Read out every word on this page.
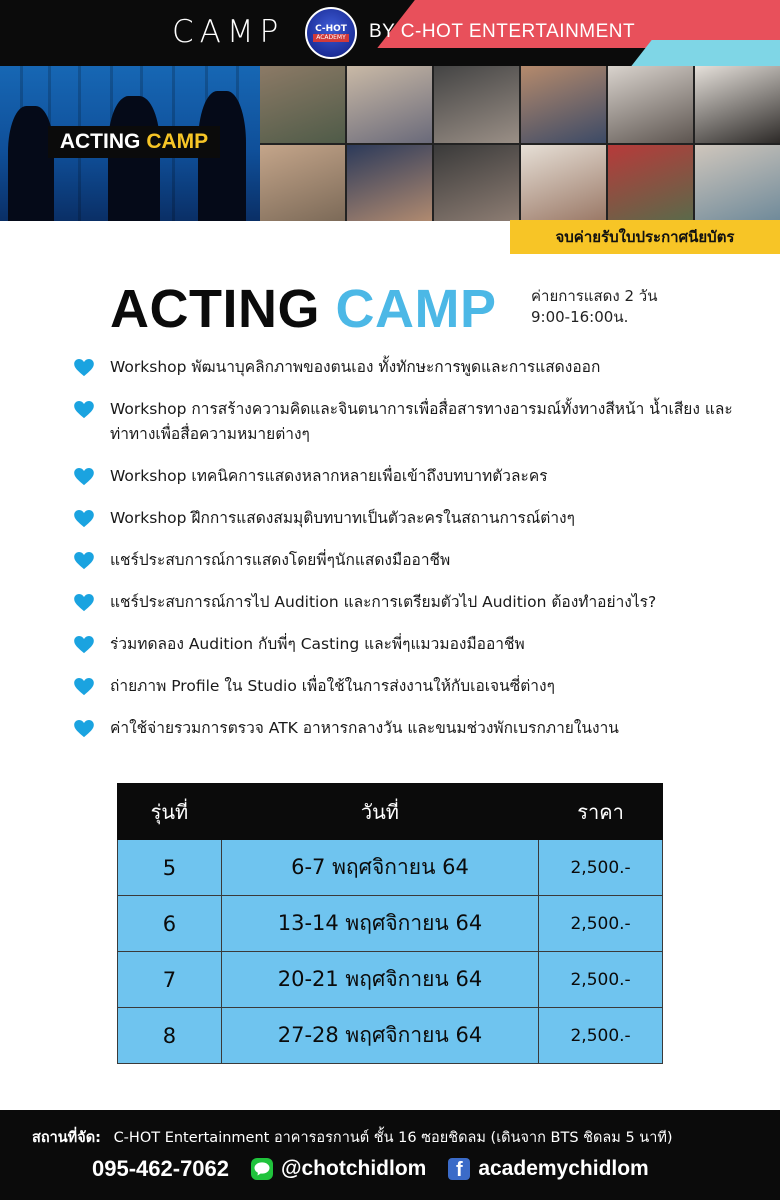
CAMP	C-HOT
ACADEMY BY C-HOT ENTERTAINMENT
ACTING CAMP
จบค่ายรับใบประกาศนียบัตร
ACTING CAMP ค่ายการแสดง 2 วัน
9:00-16:00น.
Workshop พัฒนาบุคลิกภาพของตนเอง ทั้งทักษะการพูดและการแสดงออก
Workshop การสร้างความคิดและจินตนาการเพื่อสื่อสารทางอารมณ์ทั้งทางสีหน้า น้ำเสียง และท่าทางเพื่อสื่อความหมายต่างๆ
Workshop เทคนิคการแสดงหลากหลายเพื่อเข้าถึงบทบาทตัวละคร
Workshop ฝึกการแสดงสมมุติบทบาทเป็นตัวละครในสถานการณ์ต่างๆ
แชร์ประสบการณ์การแสดงโดยพี่ๆนักแสดงมืออาชีพ
แชร์ประสบการณ์การไป Audition และการเตรียมตัวไป Audition ต้องทำอย่างไร?
ร่วมทดลอง Audition กับพี่ๆ Casting และพี่ๆแมวมองมืออาชีพ
ถ่ายภาพ Profile ใน Studio เพื่อใช้ในการส่งงานให้กับเอเจนซี่ต่างๆ
ค่าใช้จ่ายรวมการตรวจ ATK อาหารกลางวัน และขนมช่วงพักเบรกภายในงาน
รุ่นที่	วันที่	ราคา
5	6-7 พฤศจิกายน 64	2,500.-
6	13-14 พฤศจิกายน 64	2,500.-
7	20-21 พฤศจิกายน 64	2,500.-
8	27-28 พฤศจิกายน 64	2,500.-
สถานที่จัด: C-HOT Entertainment อาคารอรกานต์ ชั้น 16 ซอยชิดลม (เดินจาก BTS ชิดลม 5 นาที)
095-462-7062 @chotchidlom	f academychidlom
